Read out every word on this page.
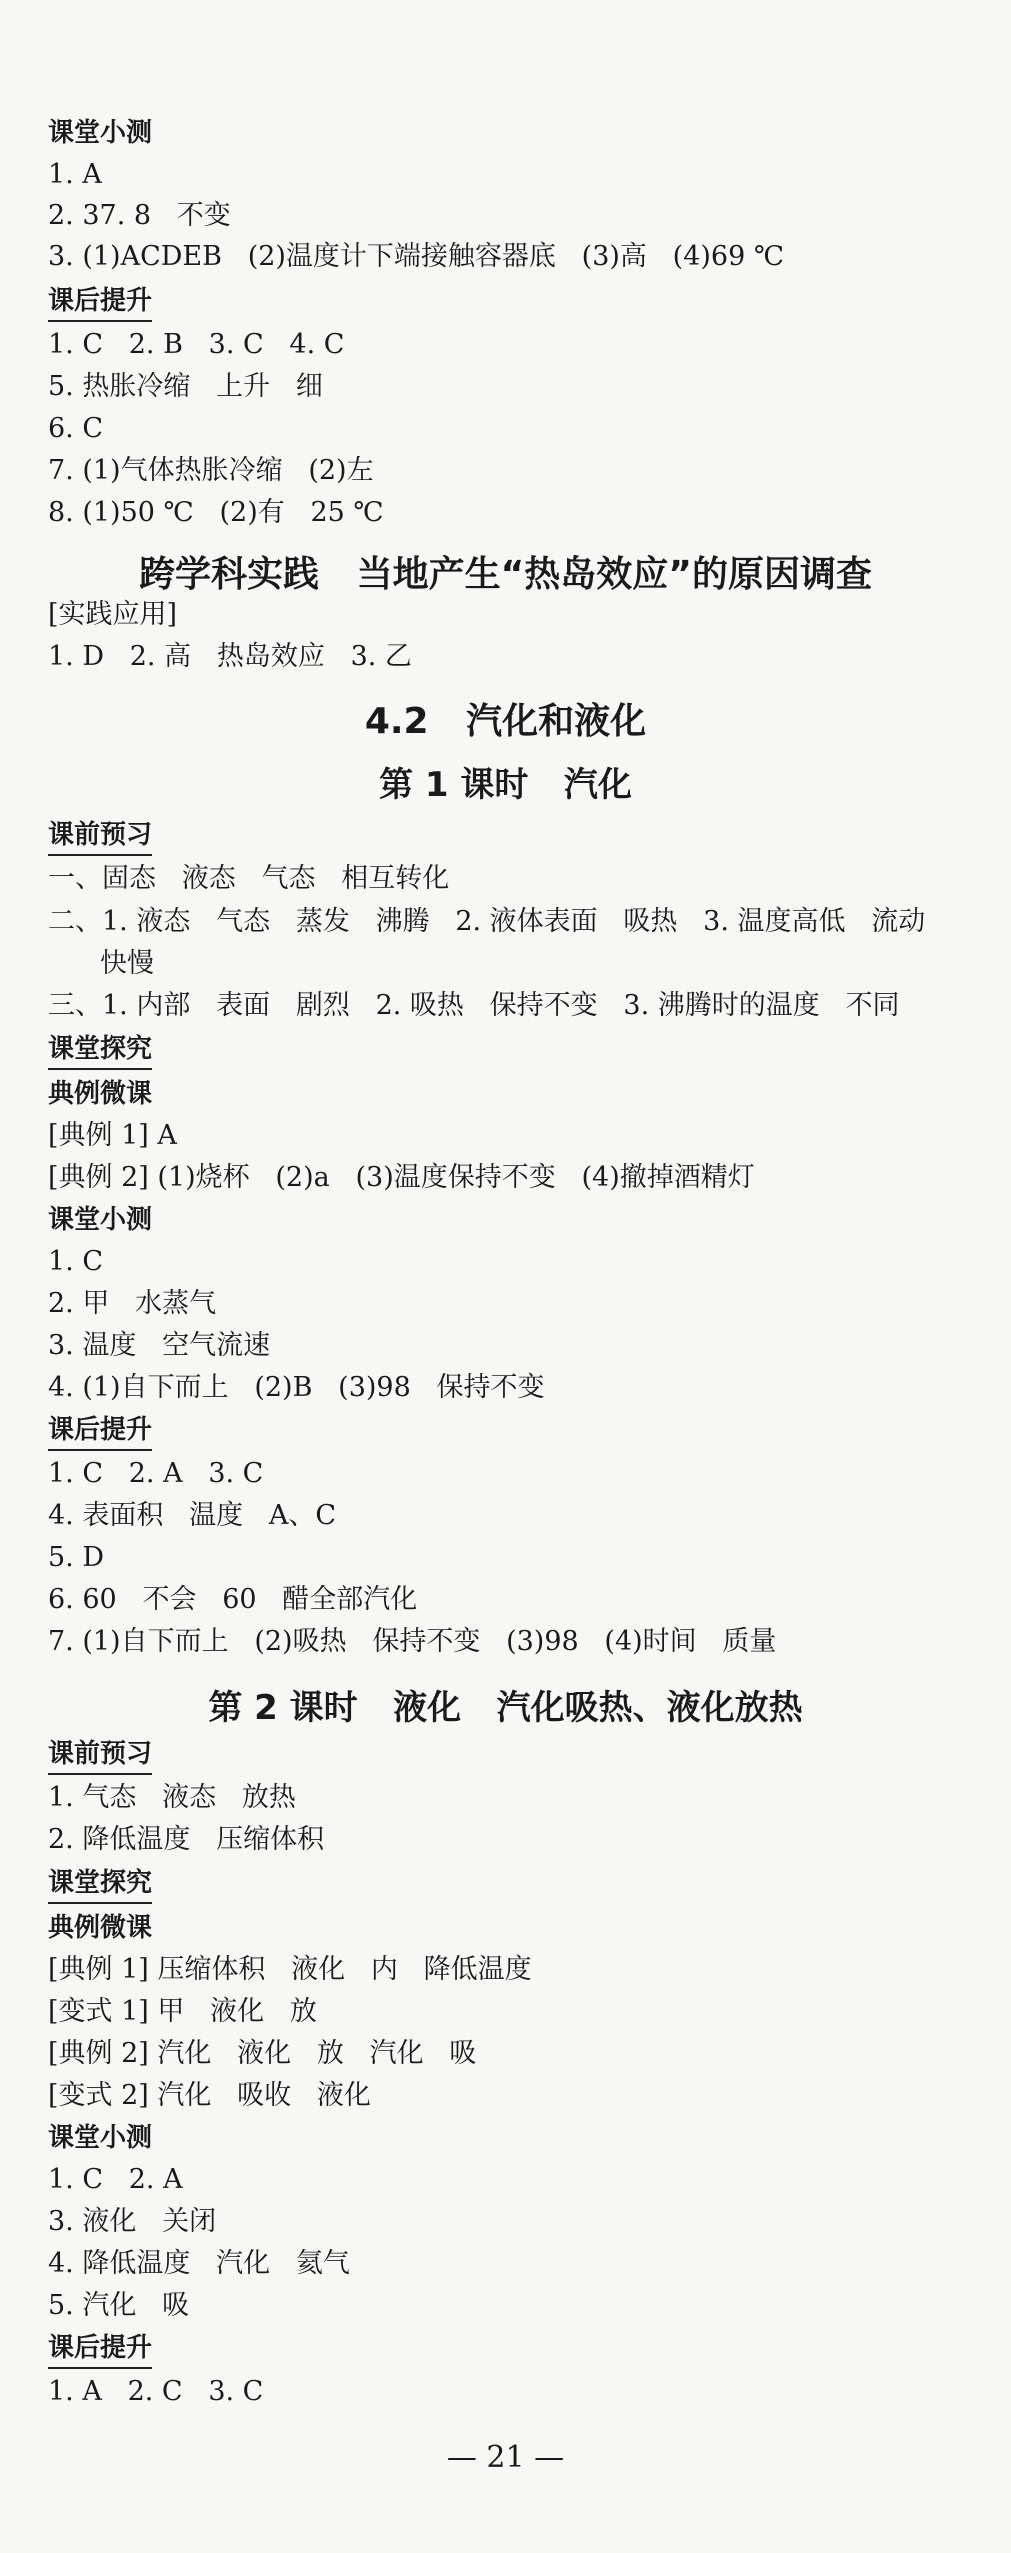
课堂小测
1. A
2. 37. 8   不变
3. (1)ACDEB   (2)温度计下端接触容器底   (3)高   (4)69 ℃
课后提升
1. C   2. B   3. C   4. C
5. 热胀冷缩   上升   细
6. C
7. (1)气体热胀冷缩   (2)左
8. (1)50 ℃   (2)有   25 ℃
跨学科实践   当地产生“热岛效应”的原因调查
[实践应用]
1. D   2. 高   热岛效应   3. 乙
4.2   汽化和液化
第 1 课时   汽化
课前预习
一、固态   液态   气态   相互转化
二、1. 液态   气态   蒸发   沸腾   2. 液体表面   吸热   3. 温度高低   流动
快慢
三、1. 内部   表面   剧烈   2. 吸热   保持不变   3. 沸腾时的温度   不同
课堂探究
典例微课
[典例 1] A
[典例 2] (1)烧杯   (2)a   (3)温度保持不变   (4)撤掉酒精灯
课堂小测
1. C
2. 甲   水蒸气
3. 温度   空气流速
4. (1)自下而上   (2)B   (3)98   保持不变
课后提升
1. C   2. A   3. C
4. 表面积   温度   A、C
5. D
6. 60   不会   60   醋全部汽化
7. (1)自下而上   (2)吸热   保持不变   (3)98   (4)时间   质量
第 2 课时   液化   汽化吸热、液化放热
课前预习
1. 气态   液态   放热
2. 降低温度   压缩体积
课堂探究
典例微课
[典例 1] 压缩体积   液化   内   降低温度
[变式 1] 甲   液化   放
[典例 2] 汽化   液化   放   汽化   吸
[变式 2] 汽化   吸收   液化
课堂小测
1. C   2. A
3. 液化   关闭
4. 降低温度   汽化   氦气
5. 汽化   吸
课后提升
1. A   2. C   3. C
— 21 —
